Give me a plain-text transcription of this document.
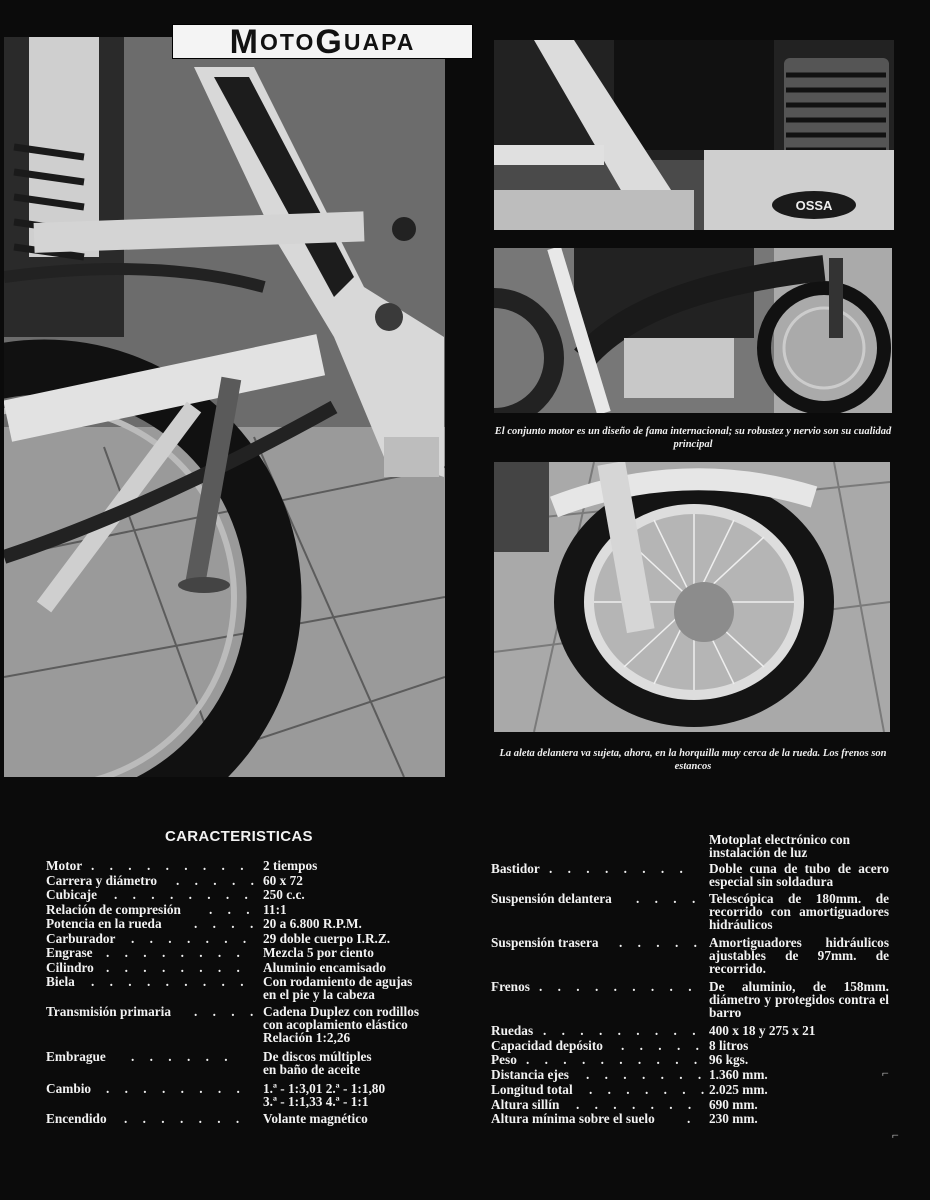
M OTO G UAPA
OSSA
El conjunto motor es un diseño de fama internacional; su robustez y nervio son su cualidad principal
La aleta delantera va sujeta, ahora, en la horquilla muy cerca de la rueda. Los frenos son estancos
CARACTERISTICAS
Motor . . . . . . . . . 2 tiempos
Carrera y diámetro . . . . . 60 x 72
Cubicaje . . . . . . . . 250 c.c.
Relación de compresión . . . 11:1
Potencia en la rueda . . . . 20 a 6.800 R.P.M.
Carburador . . . . . . . 29 doble cuerpo I.R.Z.
Engrase . . . . . . . . Mezcla 5 por ciento
Cilindro . . . . . . . . Aluminio encamisado
Biela . . . . . . . . . Con rodamiento de agujas
en el pie y la cabeza
Transmisión primaria . . . . Cadena Duplez con rodillos
con acoplamiento elástico
Relación 1:2,26
Embrague . . . . . . De discos múltiples
en baño de aceite
Cambio . . . . . . . . 1.ª - 1:3,01 2.ª - 1:1,80
3.ª - 1:1,33 4.ª - 1:1
Encendido . . . . . . . Volante magnético
Motoplat electrónico con
instalación de luz
Bastidor . . . . . . . . Doble cuna de tubo de acero especial sin soldadura
Suspensión delantera . . . . Telescópica de 180mm. de recorrido con amortiguadores hidráulicos
Suspensión trasera . . . . . Amortiguadores hidráulicos ajustables de 97mm. de recorrido.
Frenos . . . . . . . . . De aluminio, de 158mm. diámetro y protegidos contra el barro
Ruedas . . . . . . . . . 400 x 18 y 275 x 21
Capacidad depósito . . . . . 8 litros
Peso . . . . . . . . . . 96 kgs.
Distancia ejes . . . . . . . 1.360 mm.
Longitud total . . . . . . .
2.025 mm.
Altura sillín . . . . . . . 690 mm.
Altura mínima sobre el suelo . 230 mm.
⌐
⌐
